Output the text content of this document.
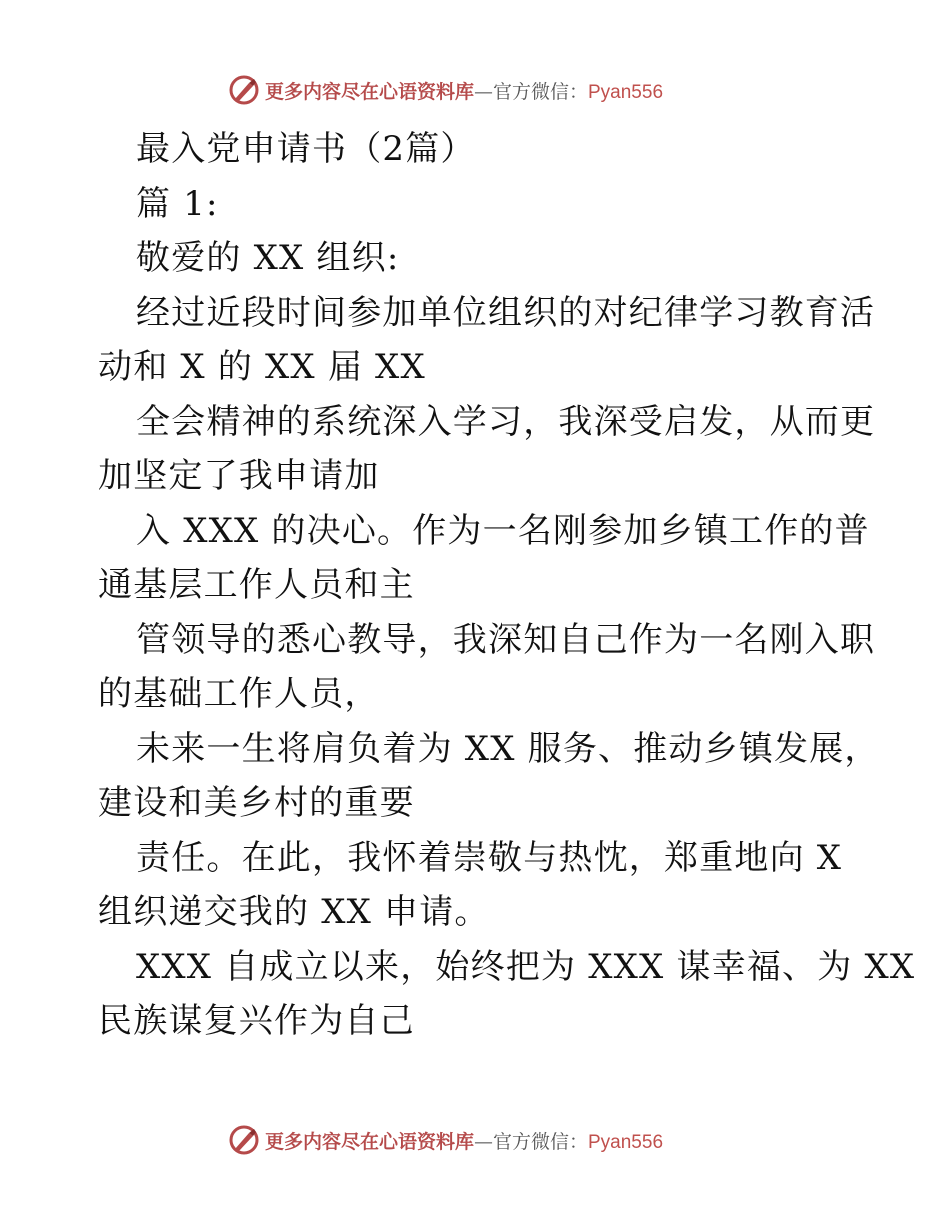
更多内容尽在心语资料库—官方微信：Pyan556
最入党申请书（2篇）
篇 1:
敬爱的 XX 组织:
经过近段时间参加单位组织的对纪律学习教育活
动和 X 的 XX 届 XX
全会精神的系统深入学习，我深受启发，从而更
加坚定了我申请加
入 XXX 的决心。作为一名刚参加乡镇工作的普
通基层工作人员和主
管领导的悉心教导，我深知自己作为一名刚入职
的基础工作人员，
未来一生将肩负着为 XX 服务、推动乡镇发展，
建设和美乡村的重要
责任。在此，我怀着崇敬与热忱，郑重地向 X
组织递交我的 XX 申请。
XXX 自成立以来，始终把为 XXX 谋幸福、为 XX
民族谋复兴作为自己
更多内容尽在心语资料库—官方微信：Pyan556
